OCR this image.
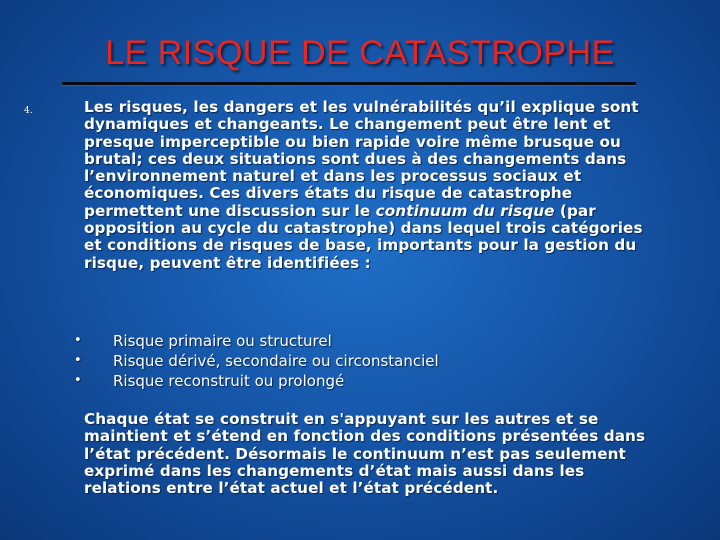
LE RISQUE DE CATASTROPHE
4.	Les risques, les dangers et les vulnérabilités qu’il explique sont dynamiques et changeants. Le changement peut être lent et presque imperceptible ou bien rapide voire même brusque ou brutal; ces deux situations sont dues à des changements dans l’environnement naturel et dans les processus sociaux et économiques. Ces divers états du risque de catastrophe permettent une discussion sur le continuum du risque (par opposition au cycle du catastrophe) dans lequel trois catégories et conditions de risques de base, importants pour la gestion du risque, peuvent être identifiées :
• Risque primaire ou structurel
• Risque dérivé, secondaire ou circonstanciel
• Risque reconstruit ou prolongé
Chaque état se construit en s'appuyant sur les autres et se maintient et s’étend en fonction des conditions présentées dans l’état précédent. Désormais le continuum n’est pas seulement exprimé dans les changements d’état mais aussi dans les relations entre l’état actuel et l’état précédent.
